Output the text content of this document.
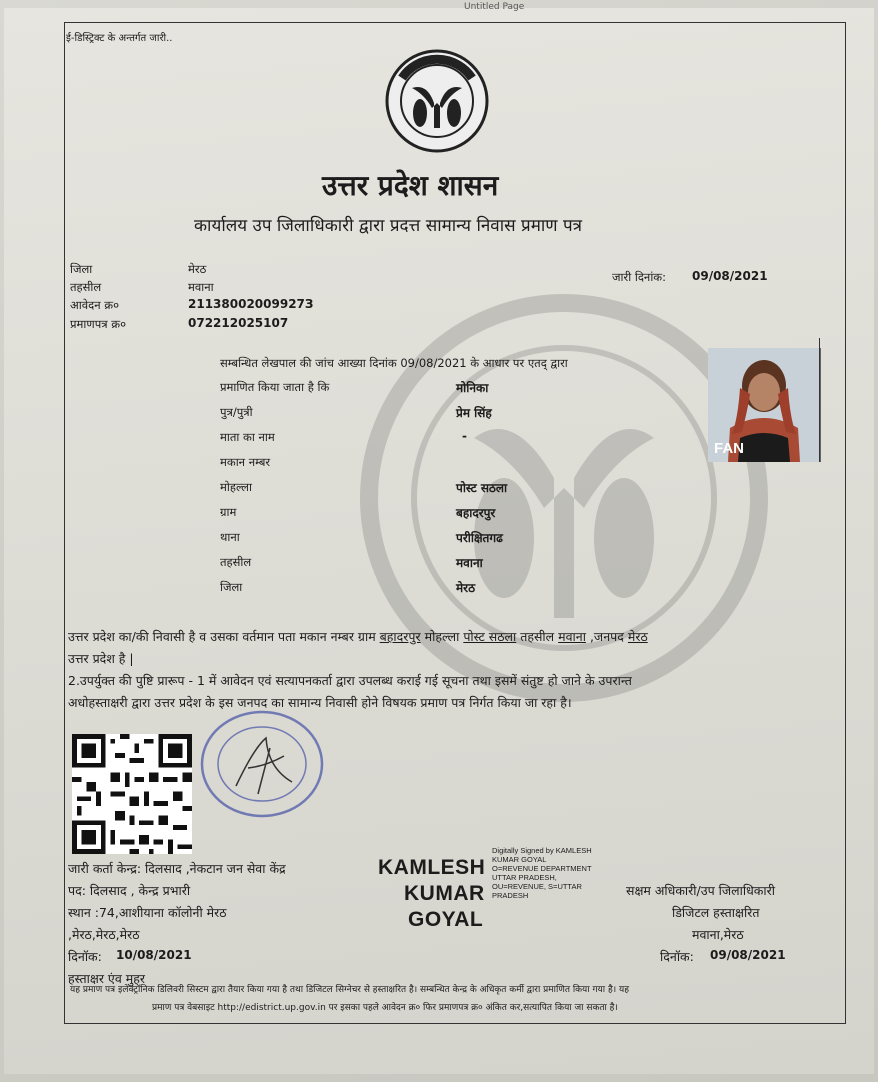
Untitled Page
ई-डिस्ट्रिक्ट के अन्तर्गत जारी..
उत्तर प्रदेश शासन
कार्यालय उप जिलाधिकारी द्वारा प्रदत्त सामान्य निवास प्रमाण पत्र
जिला	मेरठ
तहसील	मवाना
आवेदन क्र०	21138002009927З
प्रमाणपत्र क्र०	072212025107
जारी दिनांक: 09/08/2021
सम्बन्धित लेखपाल की जांच आख्या दिनांक 09/08/2021 के आधार पर एतद् द्वारा
प्रमाणित किया जाता है कि	मोनिका
पुत्र/पुत्री	प्रेम सिंह
माता का नाम	-
मकान नम्बर
मोहल्ला	पोस्ट सठला
ग्राम	बहादरपुर
थाना	परीक्षितगढ
तहसील	मवाना
जिला	मेरठ
FAN
उत्तर प्रदेश का/की निवासी है व उसका वर्तमान पता मकान नम्बर ग्राम बहादरपुर मोहल्ला पोस्ट सठला तहसील मवाना ,जनपद मेरठ
उत्तर प्रदेश है |
2.उपर्युक्त की पुष्टि प्रारूप - 1 में आवेदन एवं सत्यापनकर्ता द्वारा उपलब्ध कराई गई सूचना तथा इसमें संतुष्ट हो जाने के उपरान्त
अधोहस्ताक्षरी द्वारा उत्तर प्रदेश के इस जनपद का सामान्य निवासी होने विषयक प्रमाण पत्र निर्गत किया जा रहा है।
जारी कर्ता केन्द्र: दिलसाद ,नेकटान जन सेवा केंद्र
पद: दिलसाद , केन्द्र प्रभारी
स्थान :74,आशीयाना कॉलोनी मेरठ
,मेरठ,मेरठ,मेरठ
दिनॉक: 10/08/2021
हस्ताक्षर एंव मुहर
KAMLESH
KUMAR
GOYAL
Digitally Signed by KAMLESH
KUMAR GOYAL
O=REVENUE DEPARTMENT
UTTAR PRADESH,
OU=REVENUE, S=UTTAR
PRADESH	सक्षम अधिकारी/उप जिलाधिकारी
डिजिटल हस्ताक्षरित
मवाना,मेरठ
दिनॉक: 09/08/2021
यह प्रमाण पत्र इलेक्ट्रॉनिक डिलिवरी सिस्टम द्वारा तैयार किया गया है तथा डिजिटल सिग्नेचर से हस्ताक्षरित है। सम्बन्धित केन्द्र के अधिकृत कर्मी द्वारा प्रमाणित किया गया है। यह
प्रमाण पत्र वेबसाइट http://edistrict.up.gov.in पर इसका पहले आवेदन क्र० फिर प्रमाणपत्र क्र० अंकित कर,सत्यापित किया जा सकता है।
